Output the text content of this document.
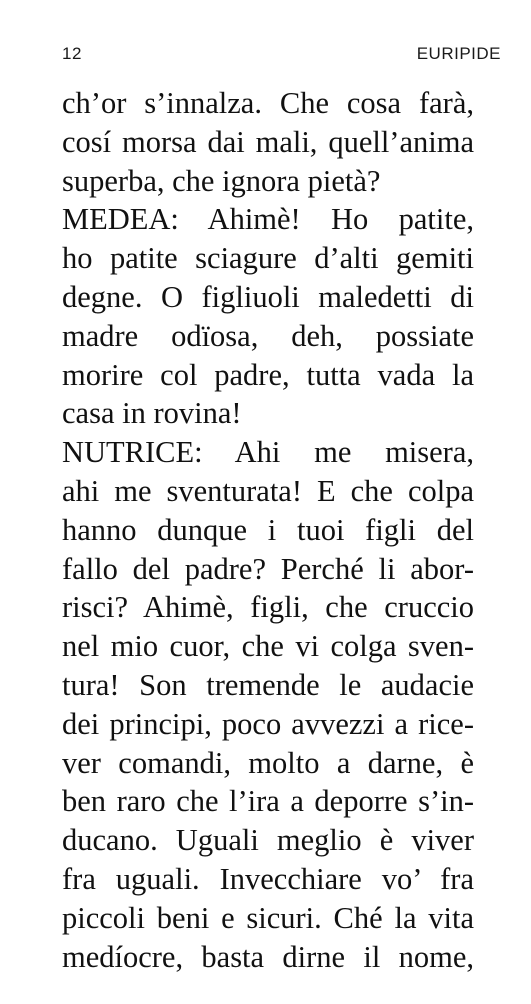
12	EURIPIDE
ch’or s’innalza. Che cosa farà,
cosí morsa dai mali, quell’anima
superba, che ignora pietà?
MEDEA: Ahimè! Ho patite,
ho patite sciagure d’alti gemiti
degne. O figliuoli maledetti di
madre odïosa, deh, possiate
morire col padre, tutta vada la
casa in rovina!
NUTRICE: Ahi me misera,
ahi me sventurata! E che colpa
hanno dunque i tuoi figli del
fallo del padre? Perché li abor-
risci? Ahimè, figli, che cruccio
nel mio cuor, che vi colga sven-
tura! Son tremende le audacie
dei principi, poco avvezzi a rice-
ver comandi, molto a darne, è
ben raro che l’ira a deporre s’in-
ducano. Uguali meglio è viver
fra uguali. Invecchiare vo’ fra
piccoli beni e sicuri. Ché la vita
medíocre, basta dirne il nome,
